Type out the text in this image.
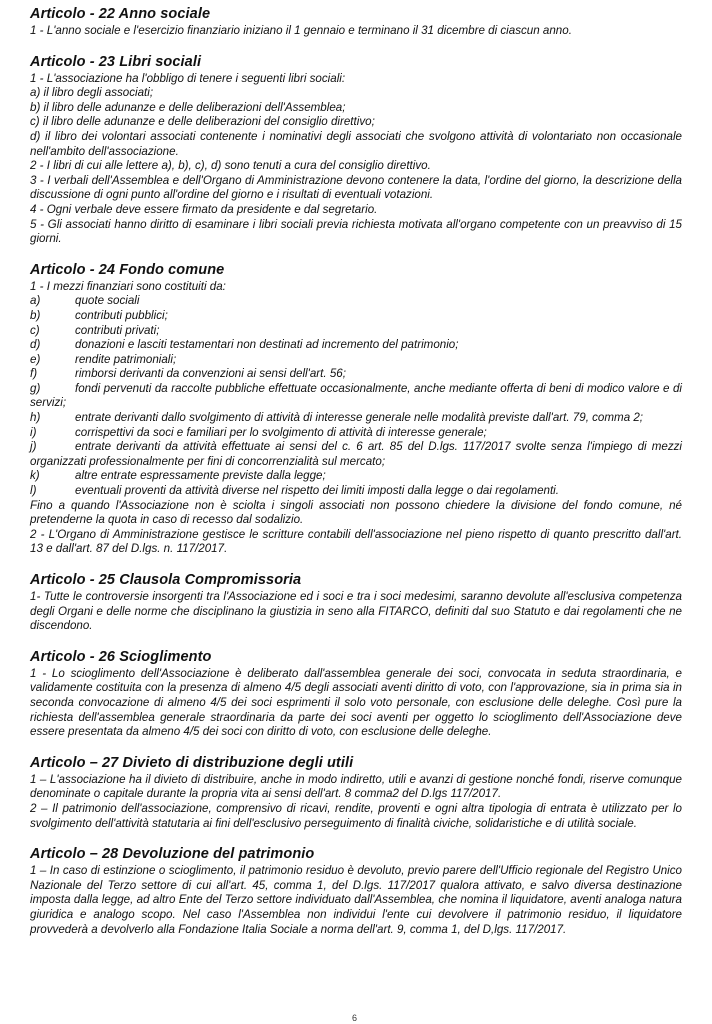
Articolo - 22 Anno sociale

1 - L'anno sociale e l'esercizio finanziario iniziano il 1 gennaio e terminano il 31 dicembre di ciascun anno.

Articolo - 23 Libri sociali

1 - L'associazione ha l'obbligo di tenere i seguenti libri sociali:

a) il libro degli associati;

b) il libro delle adunanze e delle deliberazioni dell'Assemblea;

c) il libro delle adunanze e delle deliberazioni del consiglio direttivo;

d) il libro dei volontari associati contenente i nominativi degli associati che svolgono attività di volontariato non occasionale nell'ambito dell'associazione.

2 - I libri di cui alle lettere a), b), c), d) sono tenuti a cura del consiglio direttivo.

3 - I verbali dell'Assemblea e dell'Organo di Amministrazione devono contenere la data, l'ordine del giorno, la descrizione della discussione di ogni punto all'ordine del giorno e i risultati di eventuali votazioni.

4 - Ogni verbale deve essere firmato da presidente e dal segretario.

5 - Gli associati hanno diritto di esaminare i libri sociali previa richiesta motivata all'organo competente con un preavviso di 15 giorni.

Articolo - 24 Fondo comune

1 - I mezzi finanziari sono costituiti da:

a)	quote sociali

b)	contributi pubblici;

c)	contributi privati;

d)	donazioni e lasciti testamentari non destinati ad incremento del patrimonio;

e)	rendite patrimoniali;

f)	rimborsi derivanti da convenzioni ai sensi dell'art. 56;

g)	fondi pervenuti da raccolte pubbliche effettuate occasionalmente, anche mediante offerta di beni di modico valore e di servizi;

h)	entrate derivanti dallo svolgimento di attività di interesse generale nelle modalità previste dall'art. 79, comma 2;

i)	corrispettivi da soci e familiari per lo svolgimento di attività di interesse generale;

j)	entrate derivanti da attività effettuate ai sensi del c. 6 art. 85 del D.lgs. 117/2017 svolte senza l'impiego di mezzi organizzati professionalmente per fini di concorrenzialità sul mercato;

k)	altre entrate espressamente previste dalla legge;

l)	eventuali proventi da attività diverse nel rispetto dei limiti imposti dalla legge o dai regolamenti.

Fino a quando l'Associazione non è sciolta i singoli associati non possono chiedere la divisione del fondo comune, né pretenderne la quota in caso di recesso dal sodalizio.

2 - L'Organo di Amministrazione gestisce le scritture contabili dell'associazione nel pieno rispetto di quanto prescritto dall'art. 13 e dall'art. 87 del D.lgs. n. 117/2017.

Articolo - 25 Clausola Compromissoria

1- Tutte le controversie insorgenti tra l'Associazione ed i soci e tra i soci medesimi, saranno devolute all'esclusiva competenza degli Organi e delle norme che disciplinano la giustizia in seno alla FITARCO, definiti dal suo Statuto e dai regolamenti che ne discendono.

Articolo - 26 Scioglimento

1 - Lo scioglimento dell'Associazione è deliberato dall'assemblea generale dei soci, convocata in seduta straordinaria, e validamente costituita con la presenza di almeno 4/5 degli associati aventi diritto di voto, con l'approvazione, sia in prima sia in seconda convocazione di almeno 4/5 dei soci esprimenti il solo voto personale, con esclusione delle deleghe. Così pure la richiesta dell'assemblea generale straordinaria da parte dei soci aventi per oggetto lo scioglimento dell'Associazione deve essere presentata da almeno 4/5 dei soci con diritto di voto, con esclusione delle deleghe.

Articolo – 27 Divieto di distribuzione degli utili

1 – L'associazione ha il divieto di distribuire, anche in modo indiretto, utili e avanzi di gestione nonché fondi, riserve comunque denominate o capitale durante la propria vita ai sensi dell'art. 8 comma2 del D.lgs 117/2017.

2 – Il patrimonio dell'associazione, comprensivo di ricavi, rendite, proventi e ogni altra tipologia di entrata è utilizzato per lo svolgimento dell'attività statutaria ai fini dell'esclusivo perseguimento di finalità civiche, solidaristiche e di utilità sociale.

Articolo – 28 Devoluzione del patrimonio

1 – In caso di estinzione o scioglimento, il patrimonio residuo è devoluto, previo parere dell'Ufficio regionale del Registro Unico Nazionale del Terzo settore di cui all'art. 45, comma 1, del D.lgs. 117/2017 qualora attivato, e salvo diversa destinazione imposta dalla legge, ad altro Ente del Terzo settore individuato dall'Assemblea, che nomina il liquidatore, aventi analoga natura giuridica e analogo scopo. Nel caso l'Assemblea non individui l'ente cui devolvere il patrimonio residuo, il liquidatore provvederà a devolverlo alla Fondazione Italia Sociale a norma dell'art. 9, comma 1, del D,lgs. 117/2017.

6
